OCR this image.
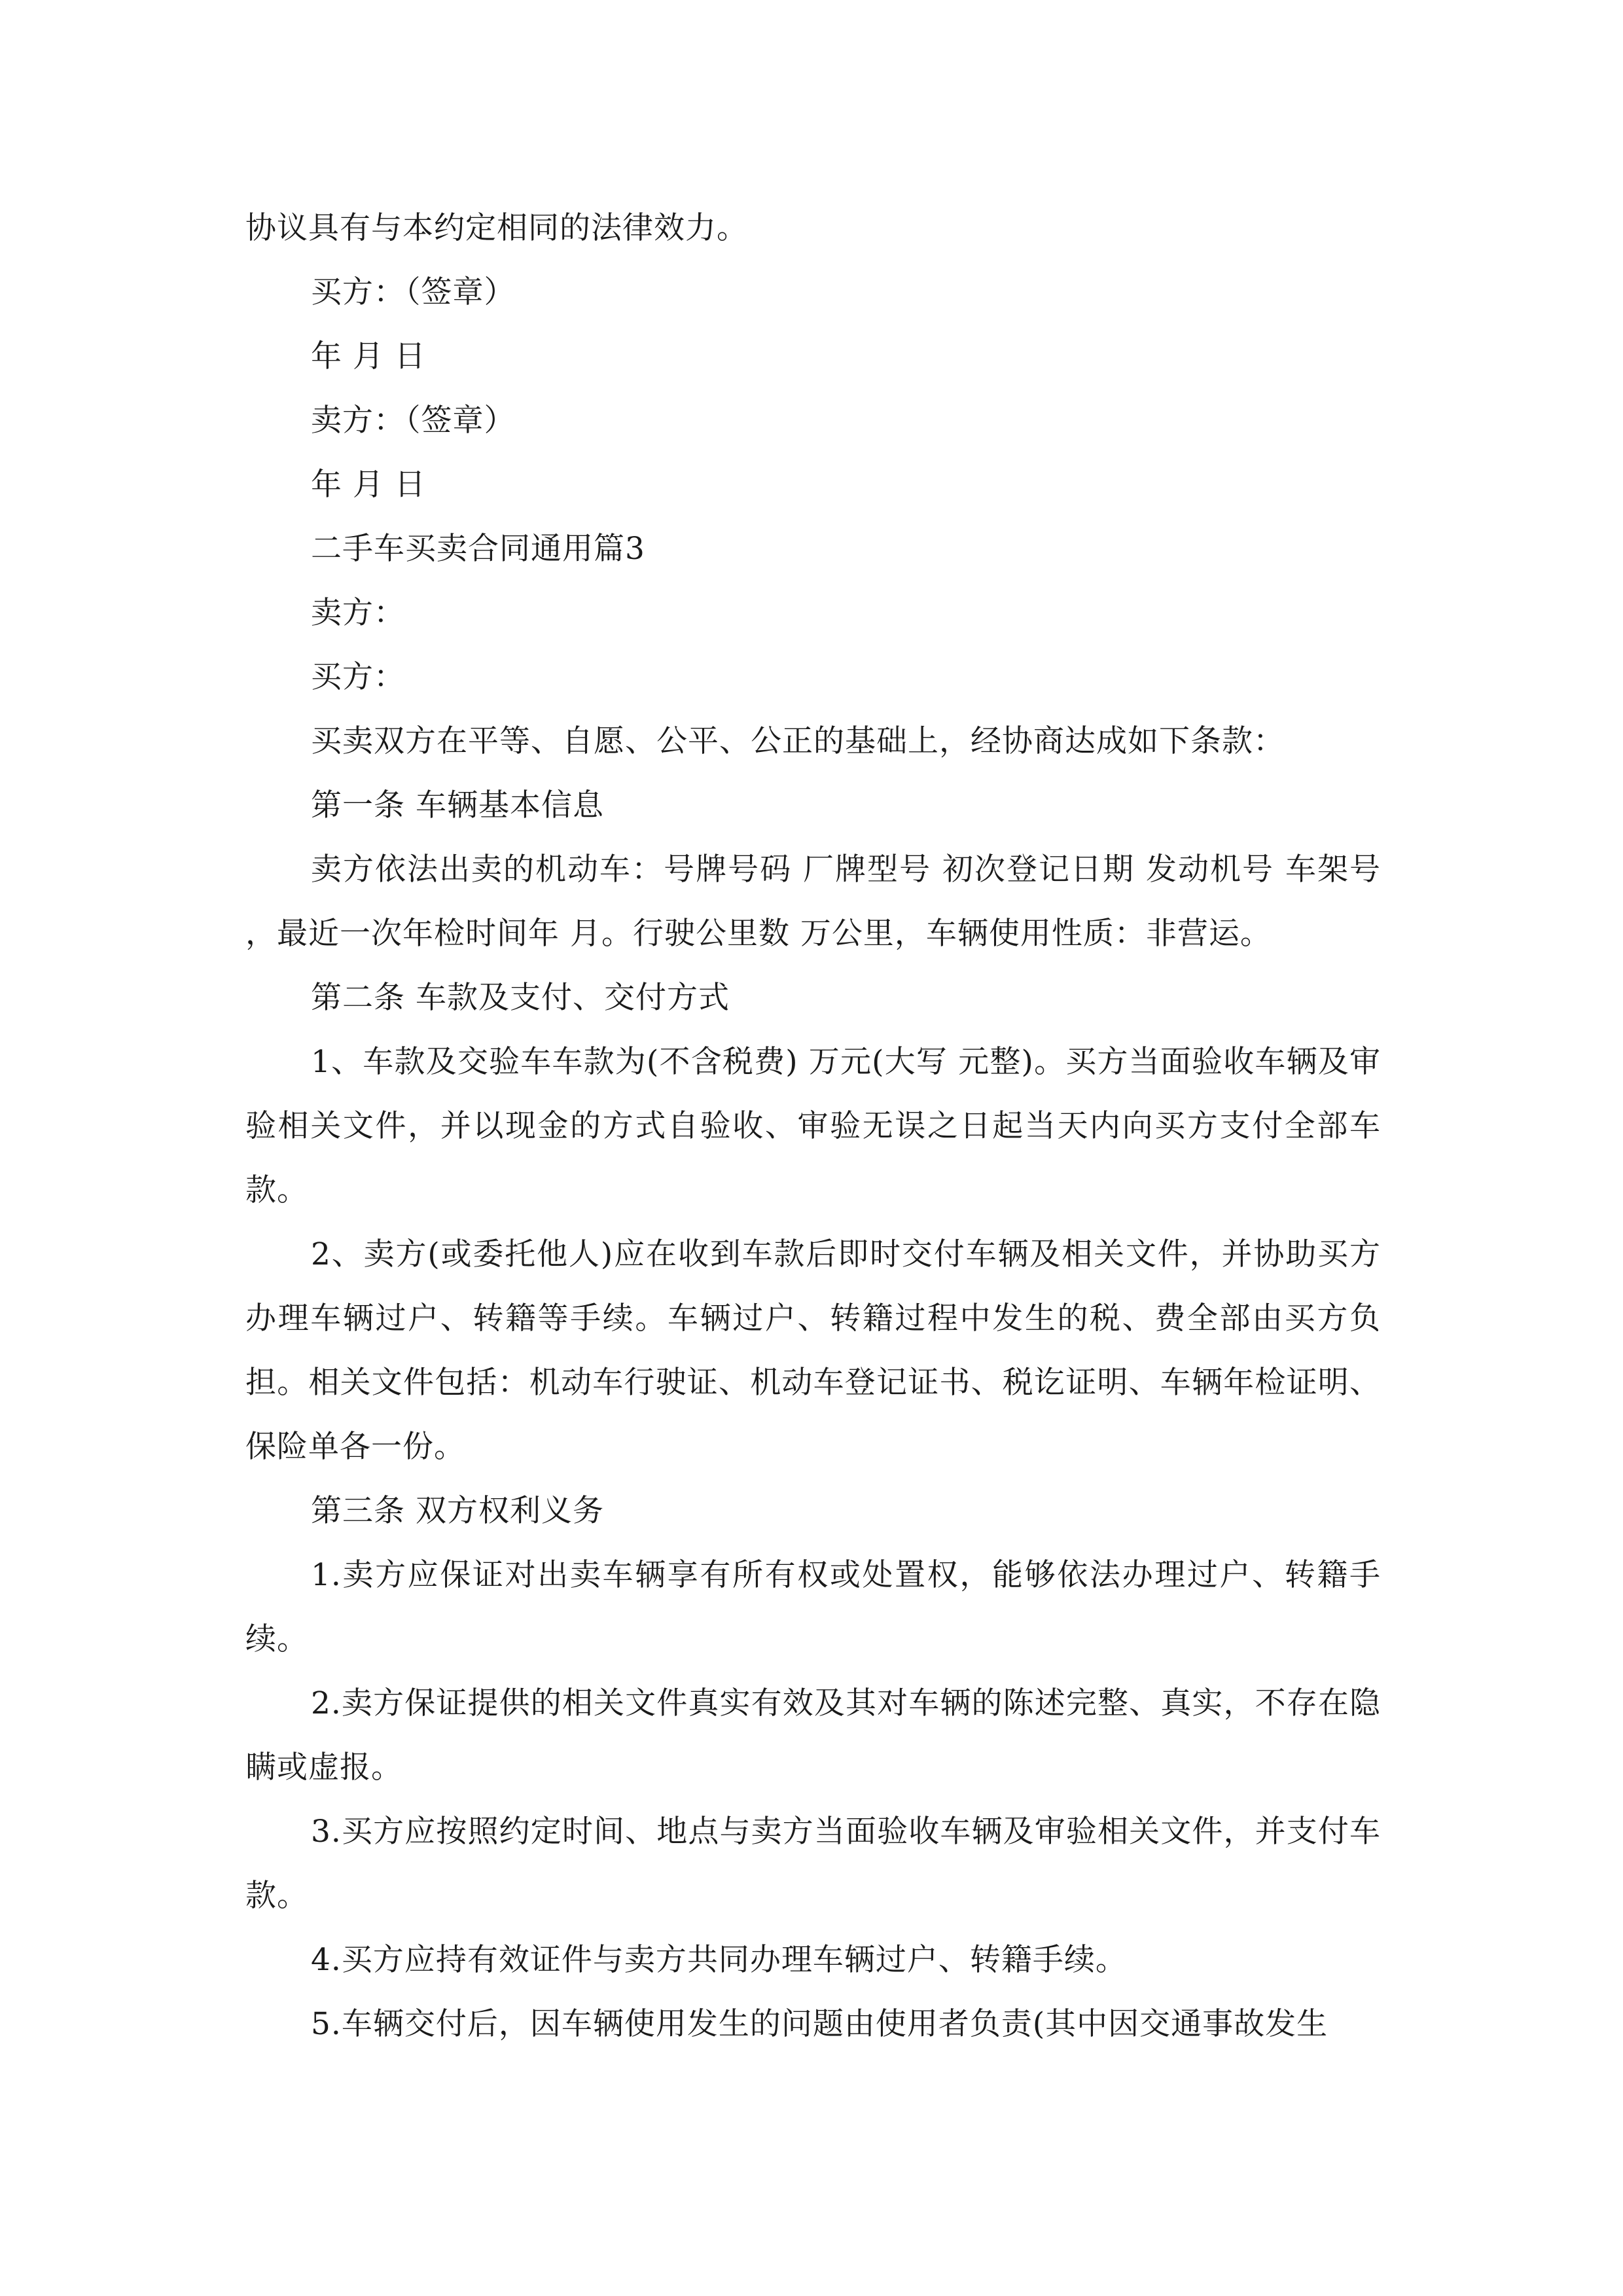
协议具有与本约定相同的法律效力。

买方：（签章）

年 月 日

卖方：（签章）

年 月 日

二手车买卖合同通用篇3

卖方：

买方：

买卖双方在平等、自愿、公平、公正的基础上，经协商达成如下条款：

第一条 车辆基本信息

卖方依法出卖的机动车：号牌号码 厂牌型号 初次登记日期 发动机号 车架号 ，最近一次年检时间年 月。行驶公里数 万公里，车辆使用性质：非营运。

第二条 车款及支付、交付方式

1、车款及交验车车款为(不含税费) 万元(大写 元整)。买方当面验收车辆及审验相关文件，并以现金的方式自验收、审验无误之日起当天内向买方支付全部车款。

2、卖方(或委托他人)应在收到车款后即时交付车辆及相关文件，并协助买方办理车辆过户、转籍等手续。车辆过户、转籍过程中发生的税、费全部由买方负担。相关文件包括：机动车行驶证、机动车登记证书、税讫证明、车辆年检证明、保险单各一份。

第三条 双方权利义务

1.卖方应保证对出卖车辆享有所有权或处置权，能够依法办理过户、转籍手续。

2.卖方保证提供的相关文件真实有效及其对车辆的陈述完整、真实，不存在隐瞒或虚报。

3.买方应按照约定时间、地点与卖方当面验收车辆及审验相关文件，并支付车款。

4.买方应持有效证件与卖方共同办理车辆过户、转籍手续。

5.车辆交付后，因车辆使用发生的问题由使用者负责(其中因交通事故发生
